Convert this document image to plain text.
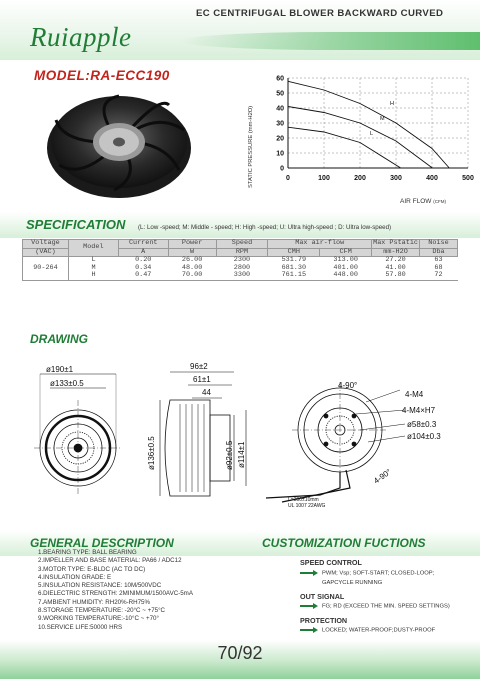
Ruiapple
EC CENTRIFUGAL BLOWER BACKWARD CURVED
MODEL:RA-ECC190
H
M
L
0	100	200	300	400	500
0
10
20
30
40
50
60
STATIC PRESSURE (mm-H2O)
AIR FLOW (CFM)
SPECIFICATION (L: Low -speed; M: Middle - speed; H: High -speed; U: Ultra high-speed ; D: Ultra low-speed)
Voltage	Model	Current	Power	Speed	Max air-flow		Max Pstatic	Noise
(VAC)		A	W	RPM	CMH	CFM	mm-H2O	Dba
90-264	L	0.20	26.00	2300	531.79	313.00	27.20	63
	M	0.34	48.00	2800	681.30	401.00	41.00	68
	H	0.47	70.00	3300	761.15	448.00	57.80	72
DRAWING
ø190±1
ø133±0.5
96±2
61±1
44
ø136±0.5	ø92±0.5 ø114±1
4-90°
4-M4
4-M4×H7
ø58±0.3
ø104±0.3
4-90°
L=300±10mm
UL 1007 22AWG
GENERAL DESCRIPTION
1.BEARING TYPE: BALL BEARING
2.IMPELLER AND BASE MATERIAL: PA66 / ADC12
3.MOTOR TYPE: E-BLDC (AC TO DC)
4.INSULATION GRADE: E
5.INSULATION RESISTANCE: 10M/500VDC
6.DIELECTRIC STRENGTH: 2MINIMUM/1500AVC-5mA
7.AMBIENT HUMIDITY: RH20%-RH75%
8.STORAGE TEMPERATURE: -20°C ~ +75°C
9.WORKING TEMPERATURE:-10°C ~ +70°
10.SERVICE LIFE:50000 HRS
CUSTOMIZATION FUCTIONS
SPEED CONTROL
PWM; Vsp; SOFT-START; CLOSED-LOOP;
GAPCYCLE RUNNING
OUT SIGNAL
FG; RD (EXCEED THE MIN. SPEED SETTINGS)
PROTECTION
LOCKED; WATER-PROOF;DUSTY-PROOF
70/92
